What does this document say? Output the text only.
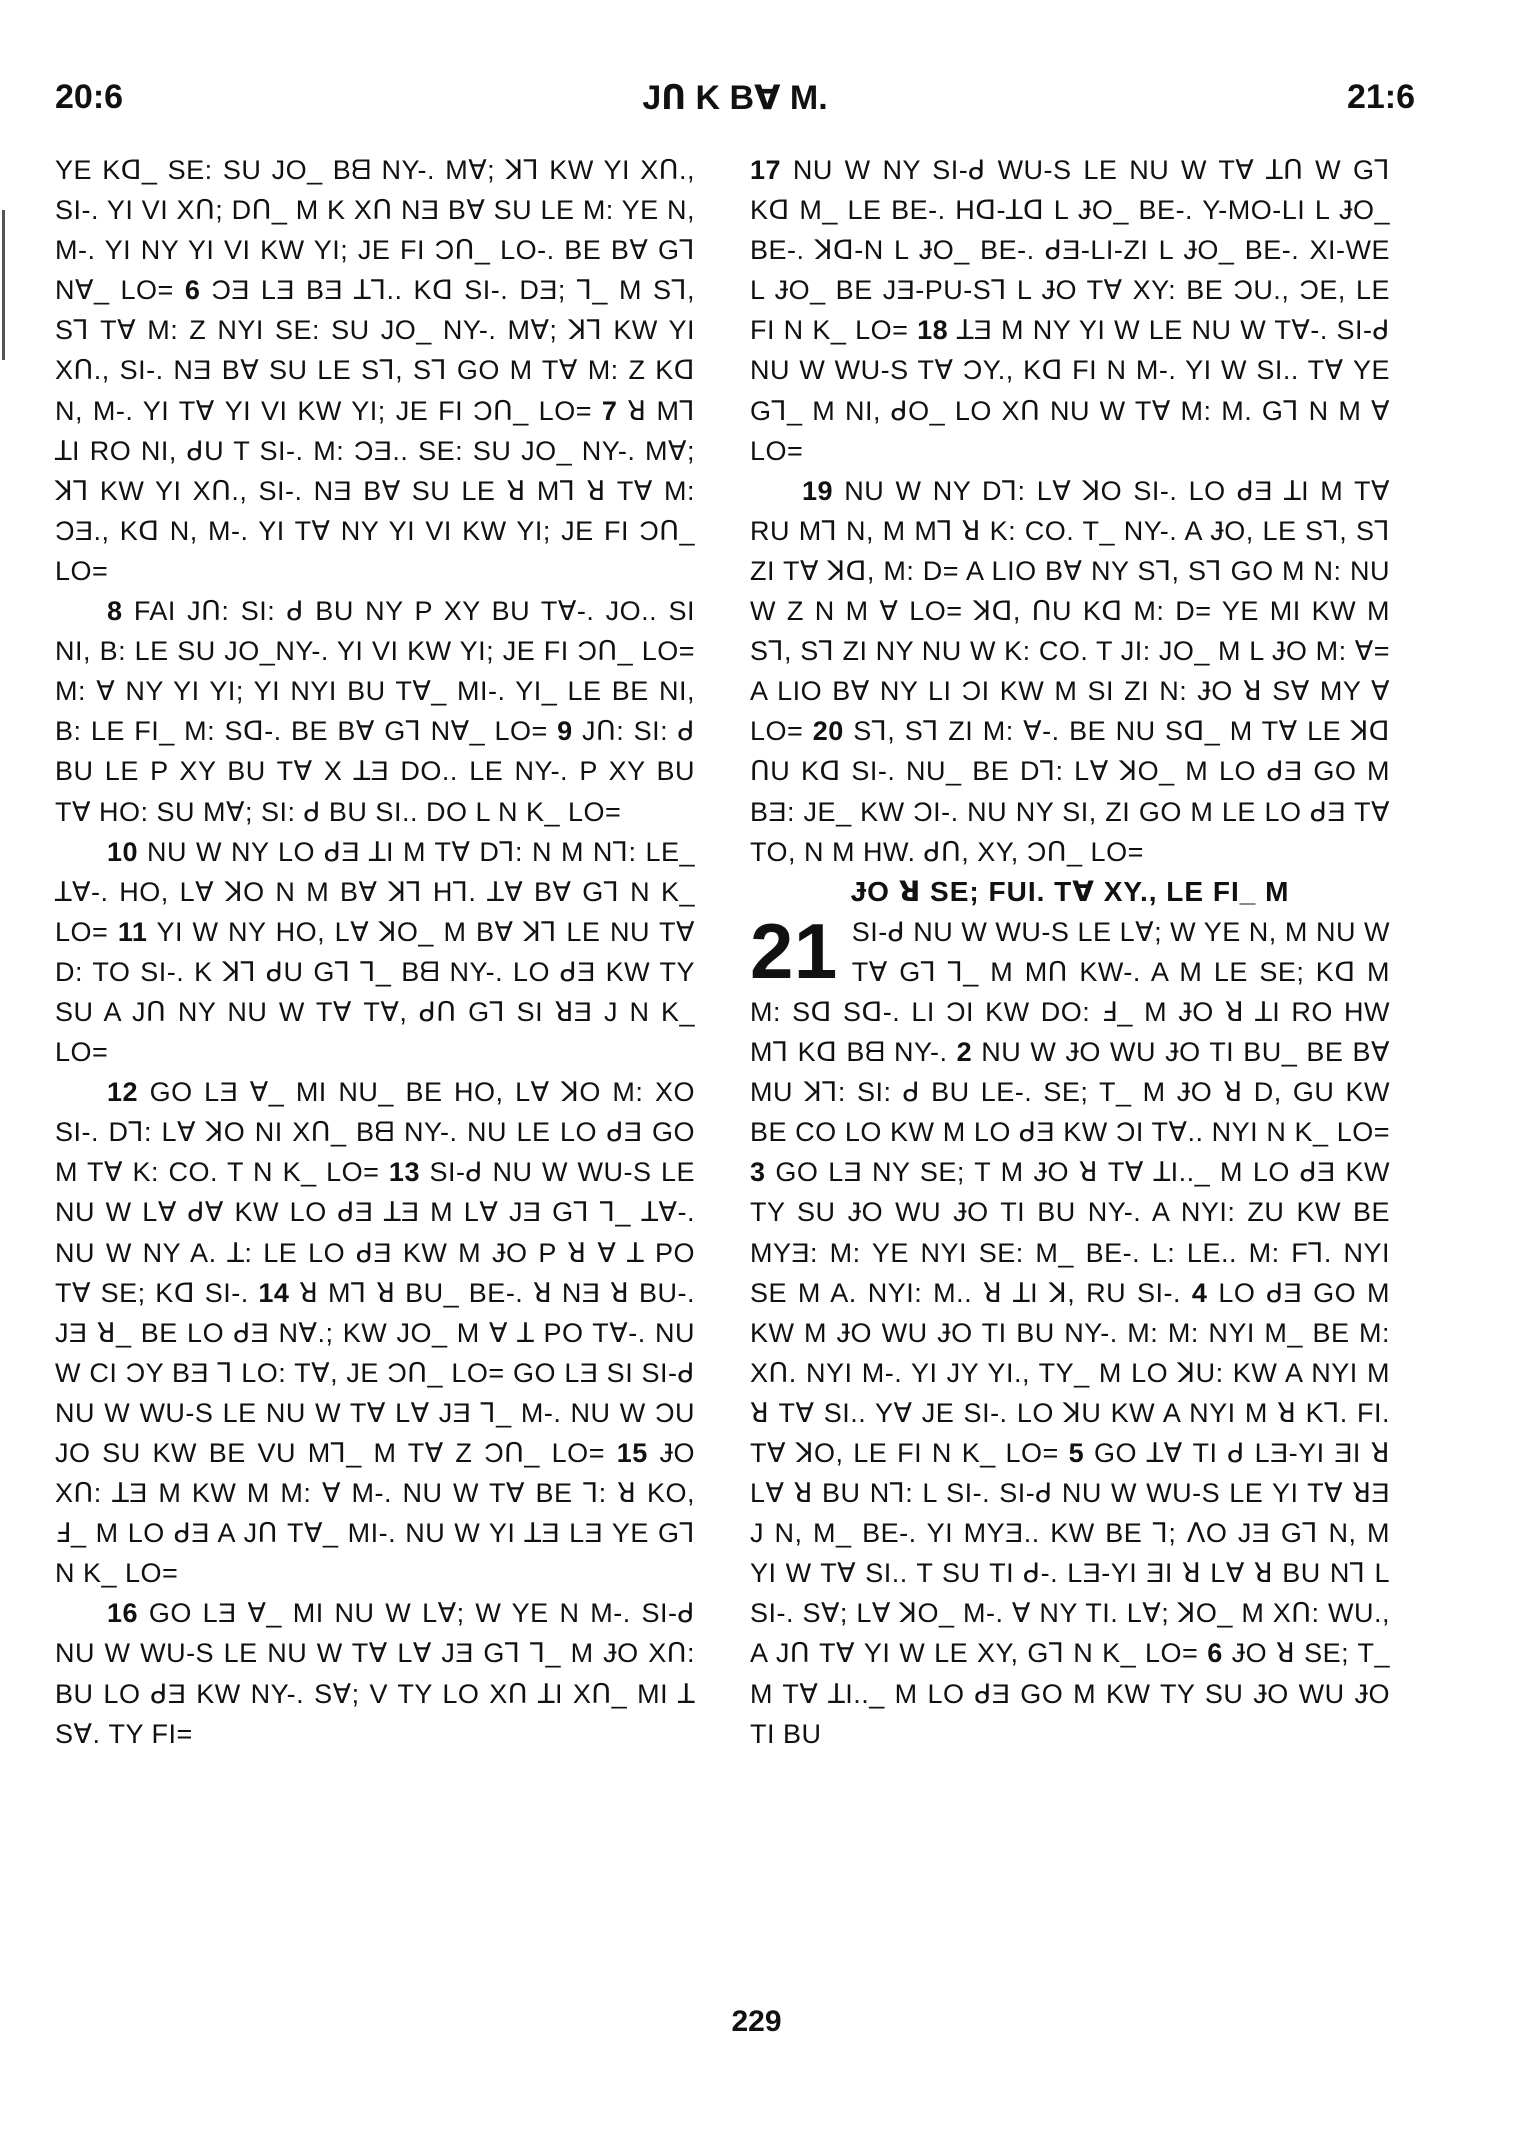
20:6	JՈ K Bꓯ M.	21:6

YE Kᗡ_ SE: SU JO_ Bᗺ NY-. Mꓯ; ꓘꓶ KW YI XՈ., SI-. YI VI XՈ; DՈ_ M K XՈ NƎ Bꓯ SU LE M: YE N, M-. YI NY YI VI KW YI; JE FI ƆՈ_ LO-. BE Bꓯ Gꓶ Nꓯ_ LO= 6 ƆƎ LƎ BƎ ꓕꓶ.. Kᗡ SI-. DƎ; ꓶ_ M Sꓶ, Sꓶ Tꓯ M: Z NYI SE: SU JO_ NY-. Mꓯ; ꓘꓶ KW YI XՈ., SI-. NƎ Bꓯ SU LE Sꓶ, Sꓶ GO M Tꓯ M: Z Kᗡ N, M-. YI Tꓯ YI VI KW YI; JE FI ƆՈ_ LO= 7 ꓤ Mꓶ ꓕI RO NI, ᑯU T SI-. M: ƆƎ.. SE: SU JO_ NY-. Mꓯ; ꓘꓶ KW YI XՈ., SI-. NƎ Bꓯ SU LE ꓤ Mꓶ ꓤ Tꓯ M: ƆƎ., Kᗡ N, M-. YI Tꓯ NY YI VI KW YI; JE FI ƆՈ_ LO=

8 FAI JՈ: SI: ᑯ BU NY P XY BU Tꓯ-. JO.. SI NI, B: LE SU JO_NY-. YI VI KW YI; JE FI ƆՈ_ LO= M: ꓯ NY YI YI; YI NYI BU Tꓯ_ MI-. YI_ LE BE NI, B: LE FI_ M: Sᗡ-. BE Bꓯ Gꓶ Nꓯ_ LO= 9 JՈ: SI: ᑯ BU LE P XY BU Tꓯ X ꓕƎ DO.. LE NY-. P XY BU Tꓯ HO: SU Mꓯ; SI: ᑯ BU SI.. DO L N K_ LO=

10 NU W NY LO ᑯƎ ꓕI M Tꓯ Dꓶ: N M Nꓶ: LE_ ꓕꓯ-. HO, Lꓯ ꓘO N M Bꓯ ꓘꓶ Hꓶ. ꓕꓯ Bꓯ Gꓶ N K_ LO= 11 YI W NY HO, Lꓯ ꓘO_ M Bꓯ ꓘꓶ LE NU Tꓯ D: TO SI-. K ꓘꓶ ᑯU Gꓶ ꓶ_ Bᗺ NY-. LO ᑯƎ KW TY SU A JՈ NY NU W Tꓯ Tꓯ, ᑯՈ Gꓶ SI ꓤƎ J N K_ LO=

12 GO LƎ ꓯ_ MI NU_ BE HO, Lꓯ ꓘO M: XO SI-. Dꓶ: Lꓯ ꓘO NI XՈ_ Bᗺ NY-. NU LE LO ᑯƎ GO M Tꓯ K: CO. T N K_ LO= 13 SI-ᑯ NU W WU-S LE NU W Lꓯ ᑯꓯ KW LO ᑯƎ ꓕƎ M Lꓯ JƎ Gꓶ ꓶ_ ꓕꓯ-. NU W NY A. ꓕ: LE LO ᑯƎ KW M ɈO P ꓤ ꓯ ꓕ PO Tꓯ SE; Kᗡ SI-. 14 ꓤ Mꓶ ꓤ BU_ BE-. ꓤ NƎ ꓤ BU-. JƎ ꓤ_ BE LO ᑯƎ Nꓯ.; KW JO_ M ꓯ ꓕ PO Tꓯ-. NU W CI ƆY BƎ ꓶ LO: Tꓯ, JE ƆՈ_ LO= GO LƎ SI SI-ᑯ NU W WU-S LE NU W Tꓯ Lꓯ JƎ ꓶ_ M-. NU W ƆU JO SU KW BE VU Mꓶ_ M Tꓯ Z ƆՈ_ LO= 15 ɈO XՈ: ꓕƎ M KW M M: ꓯ M-. NU W Tꓯ BE ꓶ: ꓤ KO, Ⅎ_ M LO ᑯƎ A JՈ Tꓯ_ MI-. NU W YI ꓕƎ LƎ YE Gꓶ N K_ LO=

16 GO LƎ ꓯ_ MI NU W Lꓯ; W YE N M-. SI-ᑯ NU W WU-S LE NU W Tꓯ Lꓯ JƎ Gꓶ ꓶ_ M ɈO XՈ: BU LO ᑯƎ KW NY-. Sꓯ; V TY LO XՈ ꓕI XՈ_ MI ꓕ Sꓯ. TY FI=

17 NU W NY SI-ᑯ WU-S LE NU W Tꓯ ꓕՈ W Gꓶ Kᗡ M_ LE BE-. Hᗡ-ꓕᗡ L ɈO_ BE-. Y-MO-LI L ɈO_ BE-. ꓘᗡ-N L ɈO_ BE-. ᑯƎ-LI-ZI L ɈO_ BE-. XI-WE L ɈO_ BE JƎ-PU-Sꓶ L ɈO Tꓯ XY: BE ƆU., ƆE, LE FI N K_ LO= 18 ꓕƎ M NY YI W LE NU W Tꓯ-. SI-ᑯ NU W WU-S Tꓯ ƆY., Kᗡ FI N M-. YI W SI.. Tꓯ YE Gꓶ_ M NI, ᑯO_ LO XՈ NU W Tꓯ M: M. Gꓶ N M ꓯ LO=

19 NU W NY Dꓶ: Lꓯ ꓘO SI-. LO ᑯƎ ꓕI M Tꓯ RU Mꓶ N, M Mꓶ ꓤ K: CO. T_ NY-. A ɈO, LE Sꓶ, Sꓶ ZI Tꓯ ꓘᗡ, M: D= A LIO Bꓯ NY Sꓶ, Sꓶ GO M N: NU W Z N M ꓯ LO= ꓘᗡ, ꓵU Kᗡ M: D= YE MI KW M Sꓶ, Sꓶ ZI NY NU W K: CO. T JI: JO_ M L ɈO M: ꓯ= A LIO Bꓯ NY LI ƆI KW M SI ZI N: ɈO ꓤ Sꓯ MY ꓯ LO= 20 Sꓶ, Sꓶ ZI M: ꓯ-. BE NU Sᗡ_ M Tꓯ LE ꓘᗡ ꓵU Kᗡ SI-. NU_ BE Dꓶ: Lꓯ ꓘO_ M LO ᑯƎ GO M BƎ: JE_ KW ƆI-. NU NY SI, ZI GO M LE LO ᑯƎ Tꓯ TO, N M HW. ᑯՈ, XY, ƆՈ_ LO=

ɈO ꓤ SE; FUI. Tꓯ XY., LE FI_ M

21 SI-ᑯ NU W WU-S LE Lꓯ; W YE N, M NU W Tꓯ Gꓶ ꓶ_ M MՈ KW-. A M LE SE; Kᗡ M M: Sᗡ Sᗡ-. LI ƆI KW DO: Ⅎ_ M ɈO ꓤ ꓕI RO HW Mꓶ Kᗡ Bᗺ NY-. 2 NU W ɈO WU ɈO TI BU_ BE Bꓯ MU ꓘꓶ: SI: ᑯ BU LE-. SE; T_ M ɈO ꓤ D, GU KW BE CO LO KW M LO ᑯƎ KW ƆI Tꓯ.. NYI N K_ LO= 3 GO LƎ NY SE; T M ɈO ꓤ Tꓯ ꓕI.._ M LO ᑯƎ KW TY SU ɈO WU ɈO TI BU NY-. A NYI: ZU KW BE MYƎ: M: YE NYI SE: M_ BE-. L: LE.. M: Fꓶ. NYI SE M A. NYI: M.. ꓤ ꓕI ꓘ, RU SI-. 4 LO ᑯƎ GO M KW M ɈO WU ɈO TI BU NY-. M: M: NYI M_ BE M: XՈ. NYI M-. YI JY YI., TY_ M LO ꓘU: KW A NYI M ꓤ Tꓯ SI.. Yꓯ JE SI-. LO ꓘU KW A NYI M ꓤ Kꓶ. FI. Tꓯ ꓘO, LE FI N K_ LO= 5 GO ꓕꓯ TI ᑯ LƎ-YI ƎI ꓤ Lꓯ ꓤ BU Nꓶ: L SI-. SI-ᑯ NU W WU-S LE YI Tꓯ ꓤƎ J N, M_ BE-. YI MYƎ.. KW BE ꓶ; ꓥO JƎ Gꓶ N, M YI W Tꓯ SI.. T SU TI ᑯ-. LƎ-YI ƎI ꓤ Lꓯ ꓤ BU Nꓶ L SI-. Sꓯ; Lꓯ ꓘO_ M-. ꓯ NY TI. Lꓯ; ꓘO_ M XՈ: WU., A JՈ Tꓯ YI W LE XY, Gꓶ N K_ LO= 6 ɈO ꓤ SE; T_ M Tꓯ ꓕI.._ M LO ᑯƎ GO M KW TY SU ɈO WU ɈO TI BU

229
